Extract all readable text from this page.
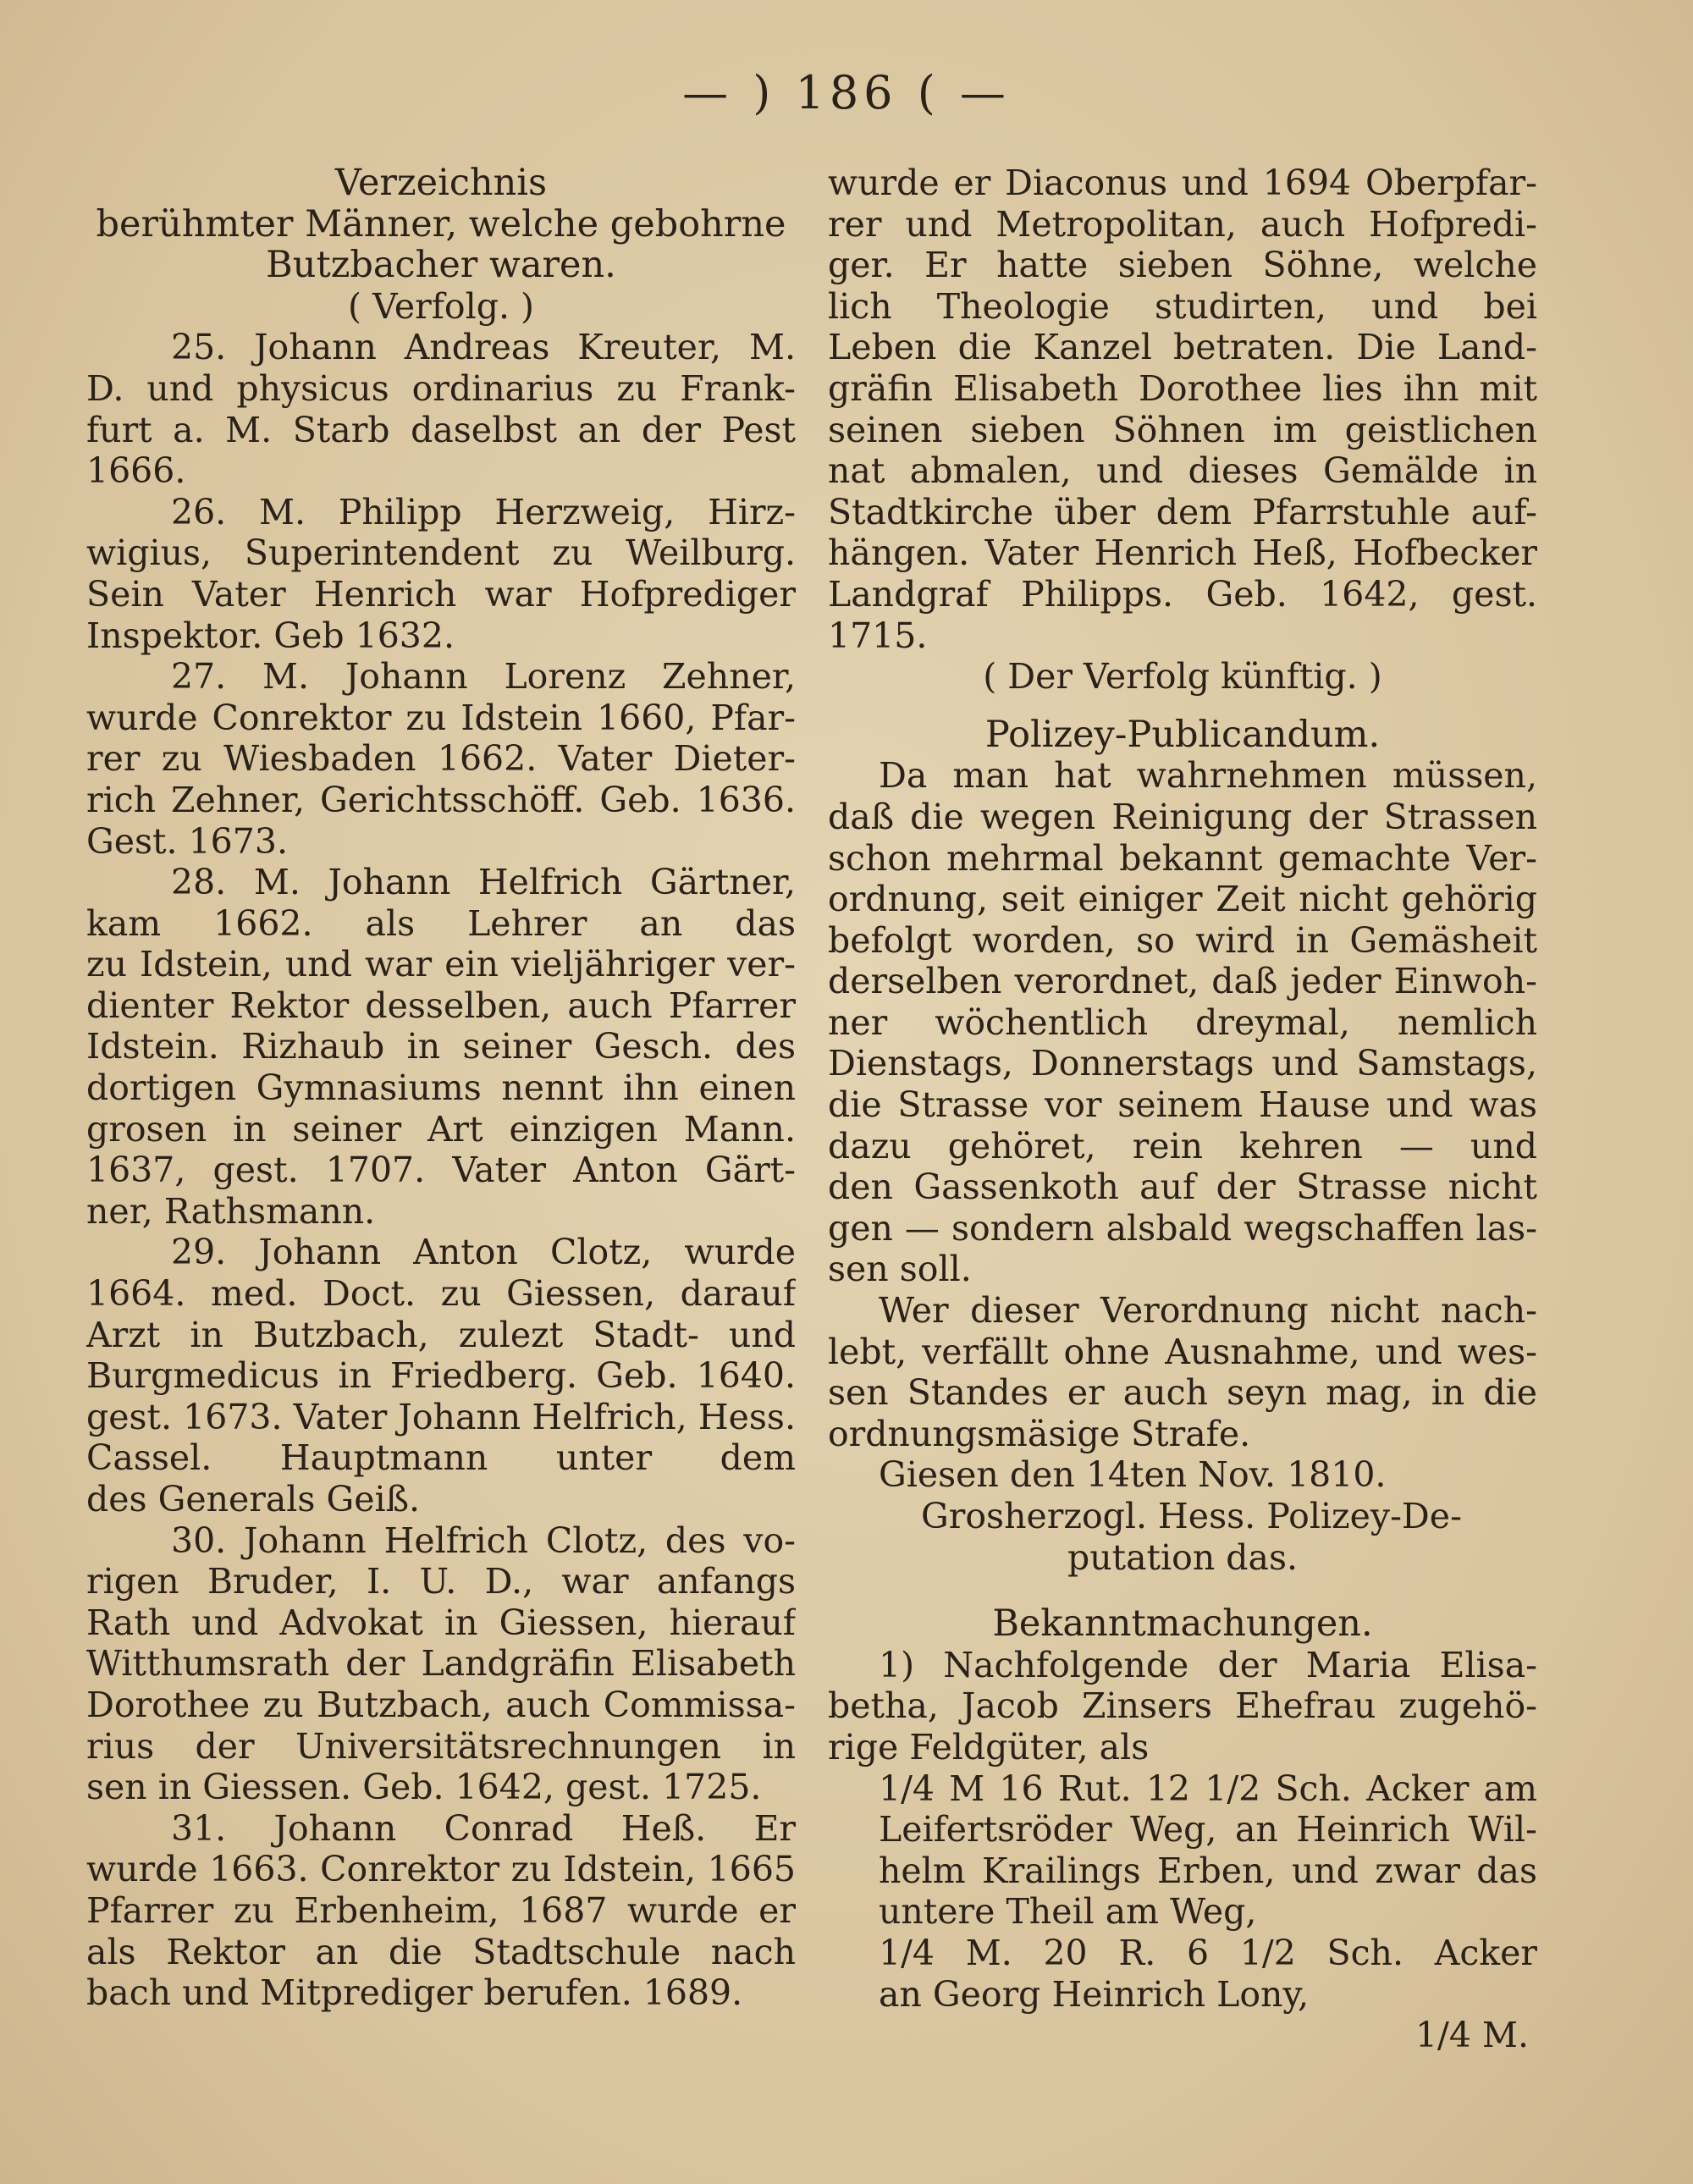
— ) 186 ( —
Verzeichnis
berühmter Männer, welche gebohrne
Butzbacher waren.
( Verfolg. )
25. Johann Andreas Kreuter, M.
D. und physicus ordinarius zu Frank-
furt a. M. Starb daselbst an der Pest
1666.
26. M. Philipp Herzweig, Hirz-
wigius, Superintendent zu Weilburg.
Sein Vater Henrich war Hofprediger
Inspektor. Geb 1632.
27. M. Johann Lorenz Zehner,
wurde Conrektor zu Idstein 1660, Pfar-
rer zu Wiesbaden 1662. Vater Dieter-
rich Zehner, Gerichtsschöff. Geb. 1636.
Gest. 1673.
28. M. Johann Helfrich Gärtner,
kam 1662. als Lehrer an das
zu Idstein, und war ein vieljähriger ver-
dienter Rektor desselben, auch Pfarrer
Idstein. Rizhaub in seiner Gesch. des
dortigen Gymnasiums nennt ihn einen
grosen in seiner Art einzigen Mann.
1637, gest. 1707. Vater Anton Gärt-
ner, Rathsmann.
29. Johann Anton Clotz, wurde
1664. med. Doct. zu Giessen, darauf
Arzt in Butzbach, zulezt Stadt- und
Burgmedicus in Friedberg. Geb. 1640.
gest. 1673. Vater Johann Helfrich, Hess.
Cassel. Hauptmann unter dem
des Generals Geiß.
30. Johann Helfrich Clotz, des vo-
rigen Bruder, I. U. D., war anfangs
Rath und Advokat in Giessen, hierauf
Witthumsrath der Landgräfin Elisabeth
Dorothee zu Butzbach, auch Commissa-
rius der Universitätsrechnungen in
sen in Giessen. Geb. 1642, gest. 1725.
31. Johann Conrad Heß. Er
wurde 1663. Conrektor zu Idstein, 1665
Pfarrer zu Erbenheim, 1687 wurde er
als Rektor an die Stadtschule nach
bach und Mitprediger berufen. 1689.
wurde er Diaconus und 1694 Oberpfar-
rer und Metropolitan, auch Hofpredi-
ger. Er hatte sieben Söhne, welche
lich Theologie studirten, und bei
Leben die Kanzel betraten. Die Land-
gräfin Elisabeth Dorothee lies ihn mit
seinen sieben Söhnen im geistlichen
nat abmalen, und dieses Gemälde in
Stadtkirche über dem Pfarrstuhle auf-
hängen. Vater Henrich Heß, Hofbecker
Landgraf Philipps. Geb. 1642, gest.
1715.
( Der Verfolg künftig. )
Polizey-Publicandum.
Da man hat wahrnehmen müssen,
daß die wegen Reinigung der Strassen
schon mehrmal bekannt gemachte Ver-
ordnung, seit einiger Zeit nicht gehörig
befolgt worden, so wird in Gemäsheit
derselben verordnet, daß jeder Einwoh-
ner wöchentlich dreymal, nemlich
Dienstags, Donnerstags und Samstags,
die Strasse vor seinem Hause und was
dazu gehöret, rein kehren — und
den Gassenkoth auf der Strasse nicht
gen — sondern alsbald wegschaffen las-
sen soll.
Wer dieser Verordnung nicht nach-
lebt, verfällt ohne Ausnahme, und wes-
sen Standes er auch seyn mag, in die
ordnungsmäsige Strafe.
Giesen den 14ten Nov. 1810.
Grosherzogl. Hess. Polizey-De-
putation das.
Bekanntmachungen.
1) Nachfolgende der Maria Elisa-
betha, Jacob Zinsers Ehefrau zugehö-
rige Feldgüter, als
1/4 M 16 Rut. 12 1/2 Sch. Acker am
Leifertsröder Weg, an Heinrich Wil-
helm Krailings Erben, und zwar das
untere Theil am Weg,
1/4 M. 20 R. 6 1/2 Sch. Acker
an Georg Heinrich Lony,
1/4 M.
